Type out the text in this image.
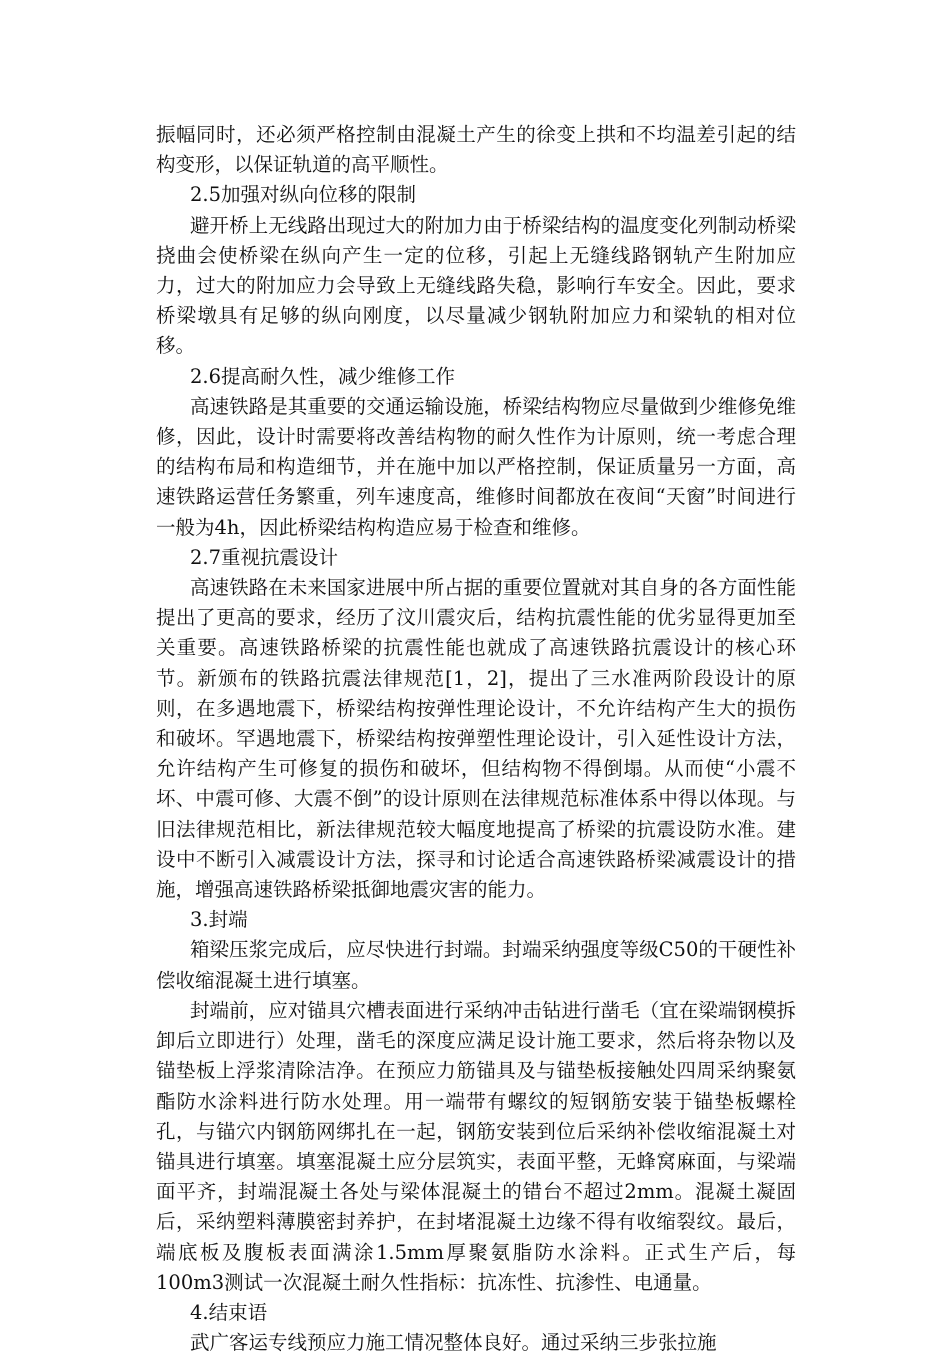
振幅同时，还必须严格控制由混凝土产生的徐变上拱和不均温差引起的结构变形，以保证轨道的高平顺性。

2.5加强对纵向位移的限制

避开桥上无线路出现过大的附加力由于桥梁结构的温度变化列制动桥梁挠曲会使桥梁在纵向产生一定的位移，引起上无缝线路钢轨产生附加应力，过大的附加应力会导致上无缝线路失稳，影响行车安全。因此，要求桥梁墩具有足够的纵向刚度，以尽量减少钢轨附加应力和梁轨的相对位移。

2.6提高耐久性，减少维修工作

高速铁路是其重要的交通运输设施，桥梁结构物应尽量做到少维修免维修，因此，设计时需要将改善结构物的耐久性作为计原则，统一考虑合理的结构布局和构造细节，并在施中加以严格控制，保证质量另一方面，高速铁路运营任务繁重，列车速度高，维修时间都放在夜间“天窗”时间进行一般为4h，因此桥梁结构构造应易于检查和维修。

2.7重视抗震设计

高速铁路在未来国家进展中所占据的重要位置就对其自身的各方面性能提出了更高的要求，经历了汶川震灾后，结构抗震性能的优劣显得更加至关重要。高速铁路桥梁的抗震性能也就成了高速铁路抗震设计的核心环节。新颁布的铁路抗震法律规范[1，2]，提出了三水准两阶段设计的原则，在多遇地震下，桥梁结构按弹性理论设计，不允许结构产生大的损伤和破坏。罕遇地震下，桥梁结构按弹塑性理论设计，引入延性设计方法，允许结构产生可修复的损伤和破坏，但结构物不得倒塌。从而使“小震不坏、中震可修、大震不倒”的设计原则在法律规范标准体系中得以体现。与旧法律规范相比，新法律规范较大幅度地提高了桥梁的抗震设防水准。建设中不断引入减震设计方法，探寻和讨论适合高速铁路桥梁减震设计的措施，增强高速铁路桥梁抵御地震灾害的能力。

3.封端

箱梁压浆完成后，应尽快进行封端。封端采纳强度等级C50的干硬性补偿收缩混凝土进行填塞。

封端前，应对锚具穴槽表面进行采纳冲击钻进行凿毛（宜在梁端钢模拆卸后立即进行）处理，凿毛的深度应满足设计施工要求，然后将杂物以及锚垫板上浮浆清除洁净。在预应力筋锚具及与锚垫板接触处四周采纳聚氨酯防水涂料进行防水处理。用一端带有螺纹的短钢筋安装于锚垫板螺栓孔，与锚穴内钢筋网绑扎在一起，钢筋安装到位后采纳补偿收缩混凝土对锚具进行填塞。填塞混凝土应分层筑实，表面平整，无蜂窝麻面，与梁端面平齐，封端混凝土各处与梁体混凝土的错台不超过2mm。混凝土凝固后，采纳塑料薄膜密封养护，在封堵混凝土边缘不得有收缩裂纹。最后，端底板及腹板表面满涂1.5mm厚聚氨脂防水涂料。正式生产后，每100m3测试一次混凝土耐久性指标：抗冻性、抗渗性、电通量。

4.结束语

武广客运专线预应力施工情况整体良好。通过采纳三步张拉施
